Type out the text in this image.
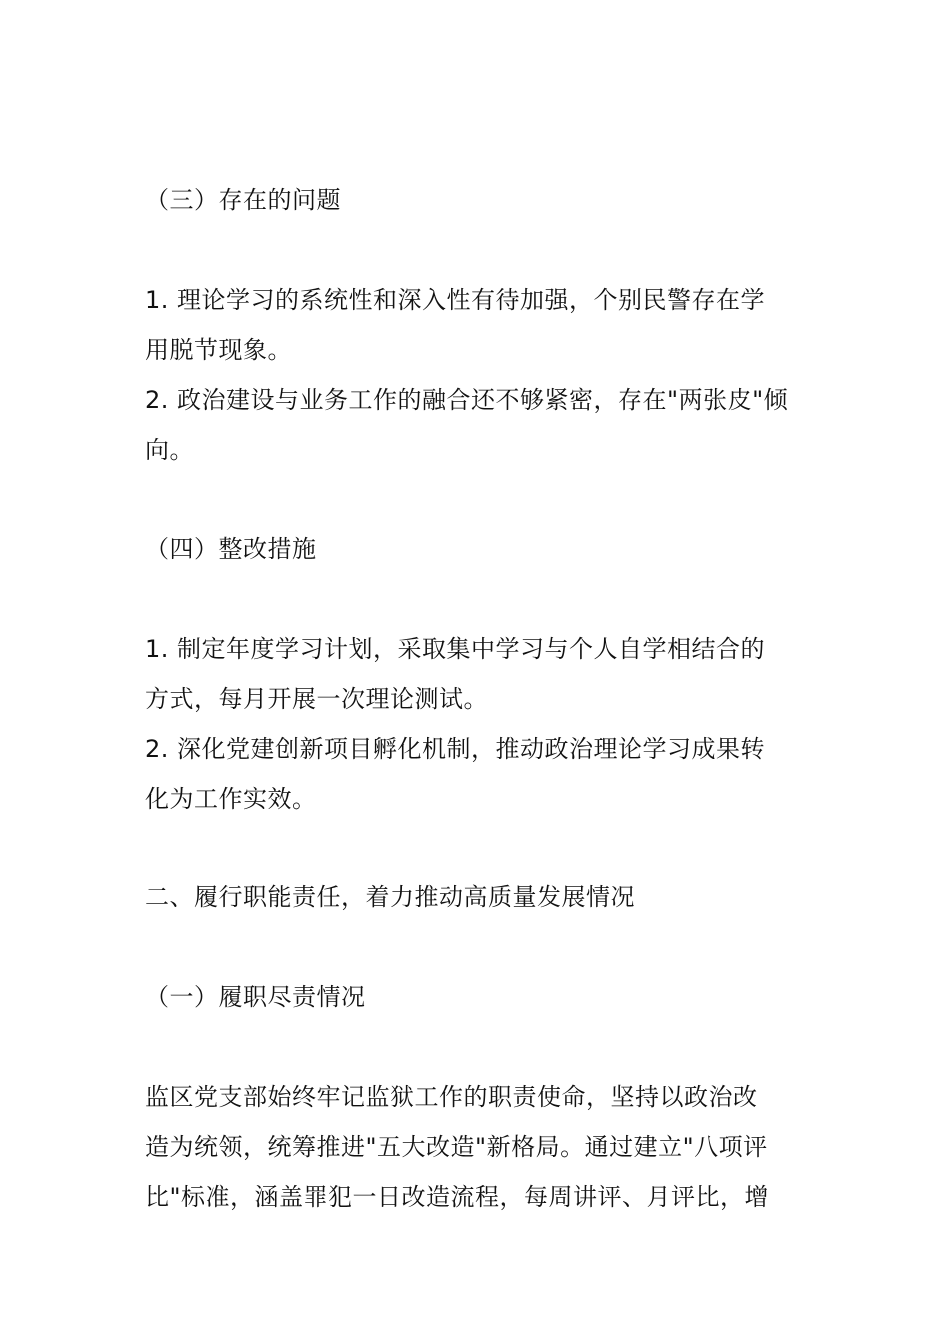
（三）存在的问题
1. 理论学习的系统性和深入性有待加强，个别民警存在学
用脱节现象。
2. 政治建设与业务工作的融合还不够紧密，存在"两张皮"倾
向。
（四）整改措施
1. 制定年度学习计划，采取集中学习与个人自学相结合的
方式，每月开展一次理论测试。
2. 深化党建创新项目孵化机制，推动政治理论学习成果转
化为工作实效。
二、履行职能责任，着力推动高质量发展情况
（一）履职尽责情况
监区党支部始终牢记监狱工作的职责使命，坚持以政治改
造为统领，统筹推进"五大改造"新格局。通过建立"八项评
比"标准，涵盖罪犯一日改造流程，每周讲评、月评比，增
